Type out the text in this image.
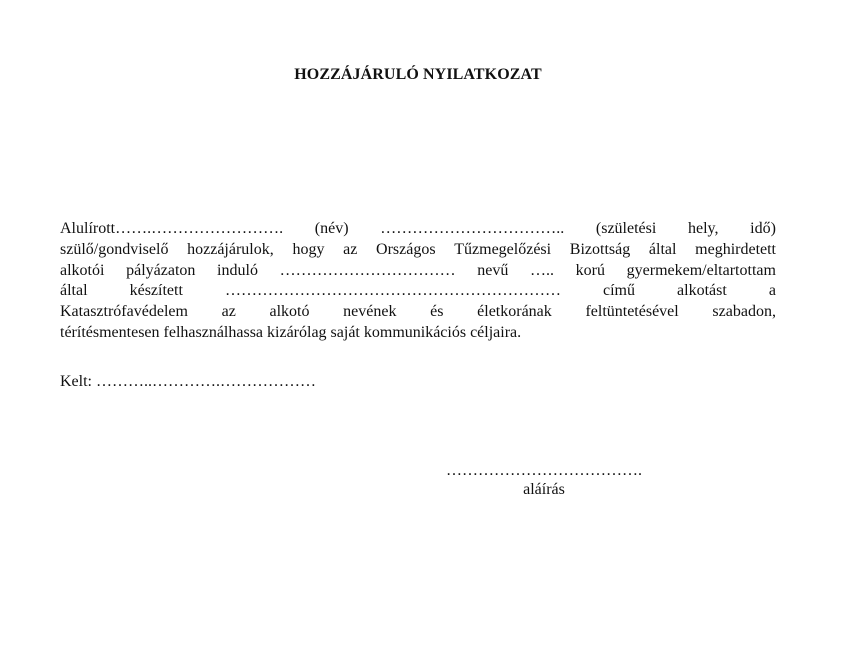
HOZZÁJÁRULÓ NYILATKOZAT
Alulírott…….……………………. (név) …………………………….. (születési hely, idő)
szülő/gondviselő hozzájárulok, hogy az Országos Tűzmegelőzési Bizottság által meghirdetett
alkotói pályázaton induló …………………………… nevű ….. korú gyermekem/eltartottam
által	készített	………………………………………………………	című	alkotást	a
Katasztrófavédelem az alkotó nevének és életkorának feltüntetésével szabadon,
térítésmentesen felhasználhassa kizárólag saját kommunikációs céljaira.
Kelt: ………..………….………………
……………………………….
aláírás
